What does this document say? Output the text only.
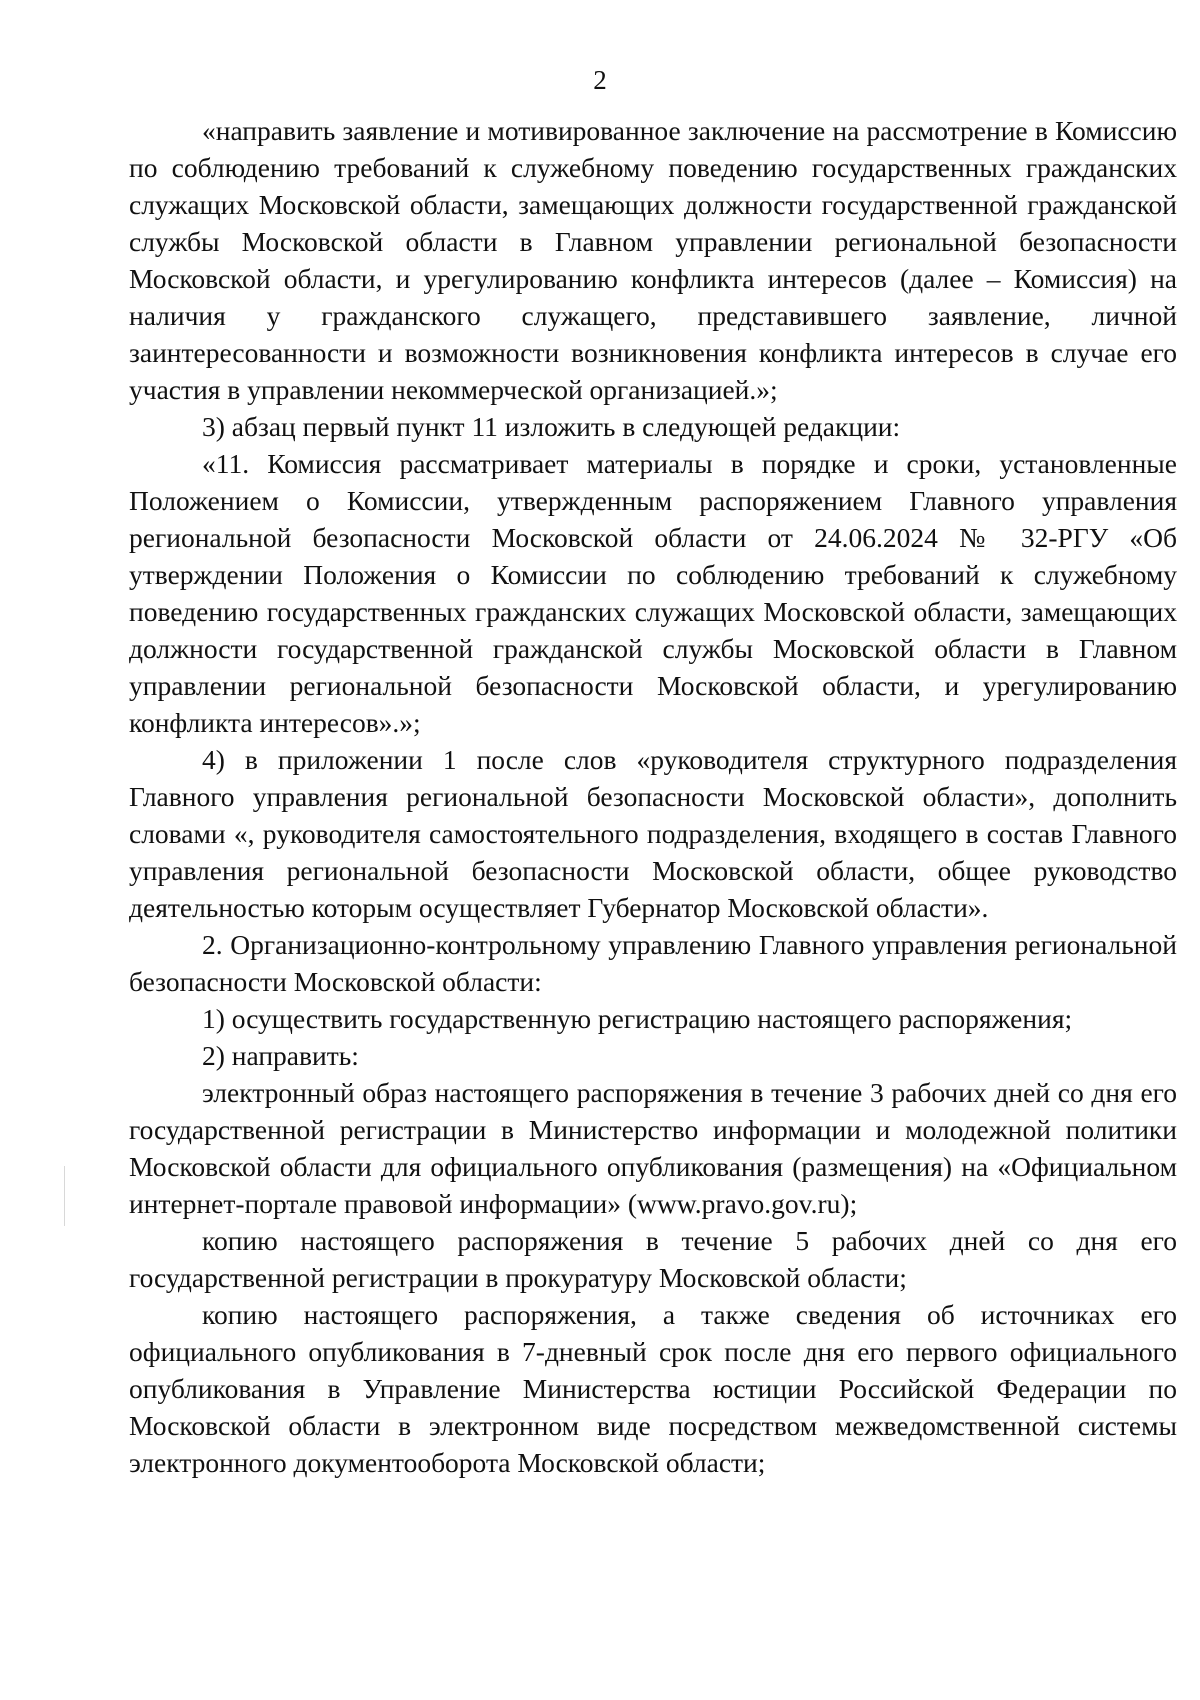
2

«направить заявление и мотивированное заключение на рассмотрение в Комиссию по соблюдению требований к служебному поведению государственных гражданских служащих Московской области, замещающих должности государственной гражданской службы Московской области в Главном управлении региональной безопасности Московской области, и урегулированию конфликта интересов (далее – Комиссия) на наличия у гражданского служащего, представившего заявление, личной заинтересованности и возможности возникновения конфликта интересов в случае его участия в управлении некоммерческой организацией.»;

3) абзац первый пункт 11 изложить в следующей редакции:

«11. Комиссия рассматривает материалы в порядке и сроки, установленные Положением о Комиссии, утвержденным распоряжением Главного управления региональной безопасности Московской области от 24.06.2024 № 32-РГУ «Об утверждении Положения о Комиссии по соблюдению требований к служебному поведению государственных гражданских служащих Московской области, замещающих должности государственной гражданской службы Московской области в Главном управлении региональной безопасности Московской области, и урегулированию конфликта интересов».»;

4) в приложении 1 после слов «руководителя структурного подразделения Главного управления региональной безопасности Московской области», дополнить словами «, руководителя самостоятельного подразделения, входящего в состав Главного управления региональной безопасности Московской области, общее руководство деятельностью которым осуществляет Губернатор Московской области».

2. Организационно-контрольному управлению Главного управления региональной безопасности Московской области:

1) осуществить государственную регистрацию настоящего распоряжения;

2) направить:

электронный образ настоящего распоряжения в течение 3 рабочих дней со дня его государственной регистрации в Министерство информации и молодежной политики Московской области для официального опубликования (размещения) на «Официальном интернет-портале правовой информации» (www.pravo.gov.ru);

копию настоящего распоряжения в течение 5 рабочих дней со дня его государственной регистрации в прокуратуру Московской области;

копию настоящего распоряжения, а также сведения об источниках его официального опубликования в 7-дневный срок после дня его первого официального опубликования в Управление Министерства юстиции Российской Федерации по Московской области в электронном виде посредством межведомственной системы электронного документооборота Московской области;
